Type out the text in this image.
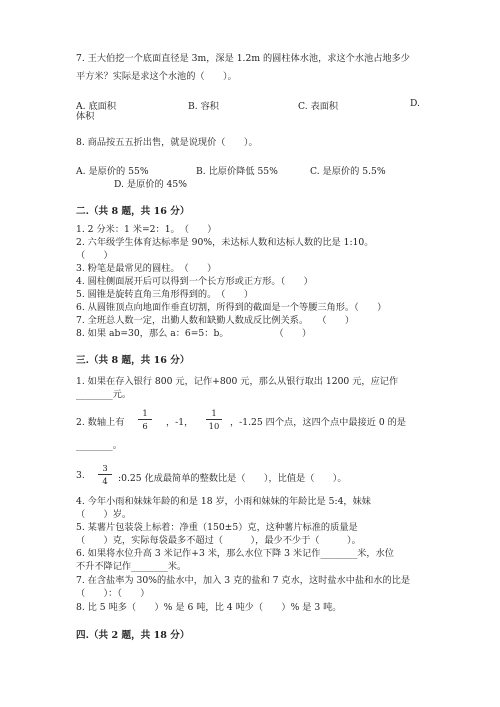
7. 王大伯挖一个底面直径是 3m，深是 1.2m 的圆柱体水池，求这个水池占地多少
平方米？实际是求这个水池的（　　）。
A. 底面积	B. 容积	C. 表面积	D.
体积
8. 商品按五五折出售，就是说现价（　　）。
A. 是原价的 55%	B. 比原价降低 55%	C. 是原价的 5.5%
D. 是原价的 45%
二.（共 8 题，共 16 分）
1. 2 分米：1 米=2：1。　（　　）
2. 六年级学生体育达标率是 90%，未达标人数和达标人数的比是 1:10。
（　　）
3. 粉笔是最常见的圆柱。　（　　）
4. 圆柱侧面展开后可以得到一个长方形或正方形。（　　）
5. 圆锥是旋转直角三角形得到的。　（　　）
6. 从圆锥顶点向地面作垂直切割，所得到的截面是一个等腰三角形。（　　）
7. 全班总人数一定，出勤人数和缺勤人数成反比例关系。　　（　　）
8. 如果 ab=30，那么 a：6=5：b。　　　　　　（　　）
三.（共 8 题，共 16 分）
1. 如果在存入银行 800 元，记作+800 元，那么从银行取出 1200 元，应记作
________元。
2. 数轴上有
1
6	，-1，
1
10 ，-1.25 四个点，这四个点中最接近 0 的是
________。
3.
3
4	:0.25 化成最简单的整数比是（　　），比值是（　　）。
4. 今年小雨和妹妹年龄的和是 18 岁，小雨和妹妹的年龄比是 5:4，妹妹
（　　）岁。
5. 某薯片包装袋上标着：净重（150±5）克，这种薯片标准的质量是
（　　）克，实际每袋最多不超过（　　　），最少不少于（　　　）。
6. 如果将水位升高 3 米记作+3 米，那么水位下降 3 米记作________米，水位
不升不降记作________米。
7. 在含盐率为 30%的盐水中，加入 3 克的盐和 7 克水，这时盐水中盐和水的比是
（　　）：（　　）
8. 比 5 吨多（　　）% 是 6 吨，比 4 吨少（　　）% 是 3 吨。
四.（共 2 题，共 18 分）
